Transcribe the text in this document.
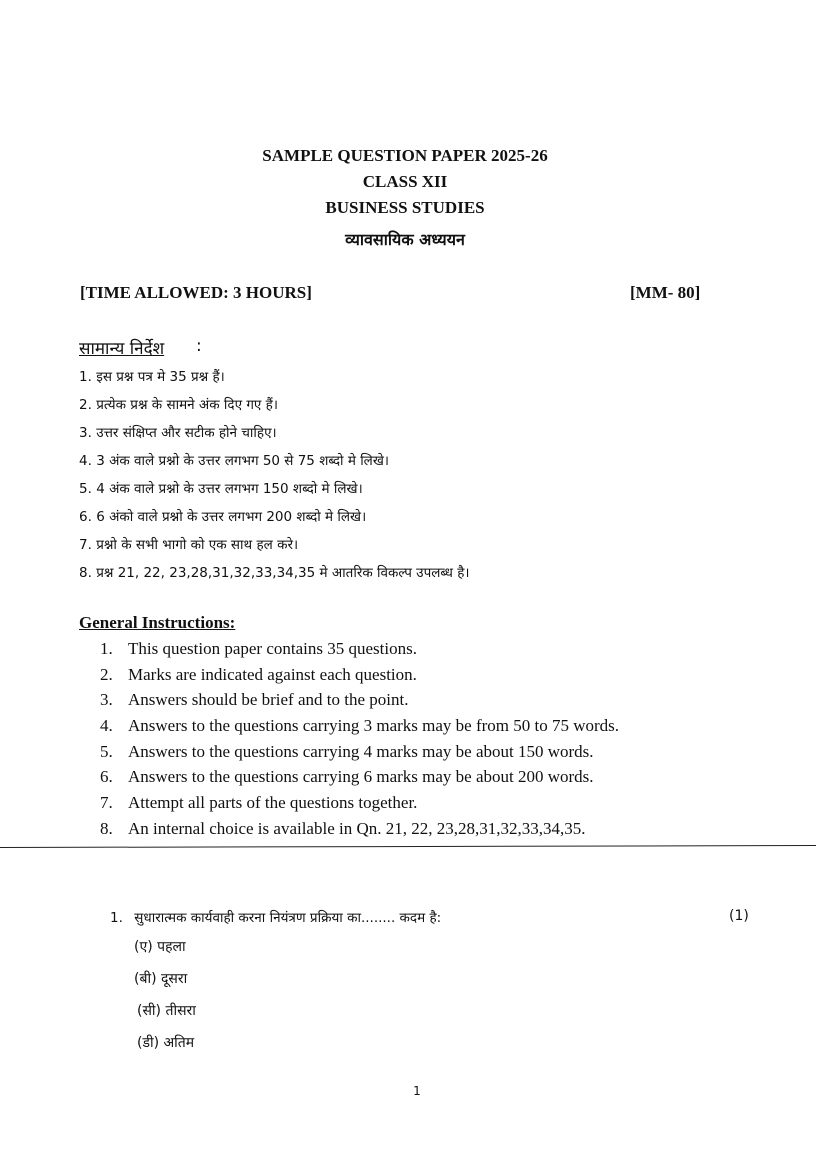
SAMPLE QUESTION PAPER 2025-26
CLASS XII
BUSINESS STUDIES
व्यावसायिक अध्ययन
[TIME ALLOWED: 3 HOURS]	[MM- 80]
सामान्य निर्देश :
1. इस प्रश्न पत्र मे 35 प्रश्न हैं।
2. प्रत्येक प्रश्न के सामने अंक दिए गए हैं।
3. उत्तर संक्षिप्त और सटीक होने चाहिए।
4. 3 अंक वाले प्रश्नो के उत्तर लगभग 50 से 75 शब्दो मे लिखे।
5. 4 अंक वाले प्रश्नो के उत्तर लगभग 150 शब्दो मे लिखे।
6. 6 अंको वाले प्रश्नो के उत्तर लगभग 200 शब्दो मे लिखे।
7. प्रश्नो के सभी भागो को एक साथ हल करे।
8. प्रश्न 21, 22, 23,28,31,32,33,34,35 मे आतरिक विकल्प उपलब्ध है।
General Instructions:
1. This question paper contains 35 questions.
2. Marks are indicated against each question.
3. Answers should be brief and to the point.
4. Answers to the questions carrying 3 marks may be from 50 to 75 words.
5. Answers to the questions carrying 4 marks may be about 150 words.
6. Answers to the questions carrying 6 marks may be about 200 words.
7. Attempt all parts of the questions together.
8. An internal choice is available in Qn. 21, 22, 23,28,31,32,33,34,35.
1. सुधारात्मक कार्यवाही करना नियंत्रण प्रक्रिया का........ कदम है:	(1)
(ए) पहला
(बी) दूसरा
(सी) तीसरा
(डी) अतिम
1
